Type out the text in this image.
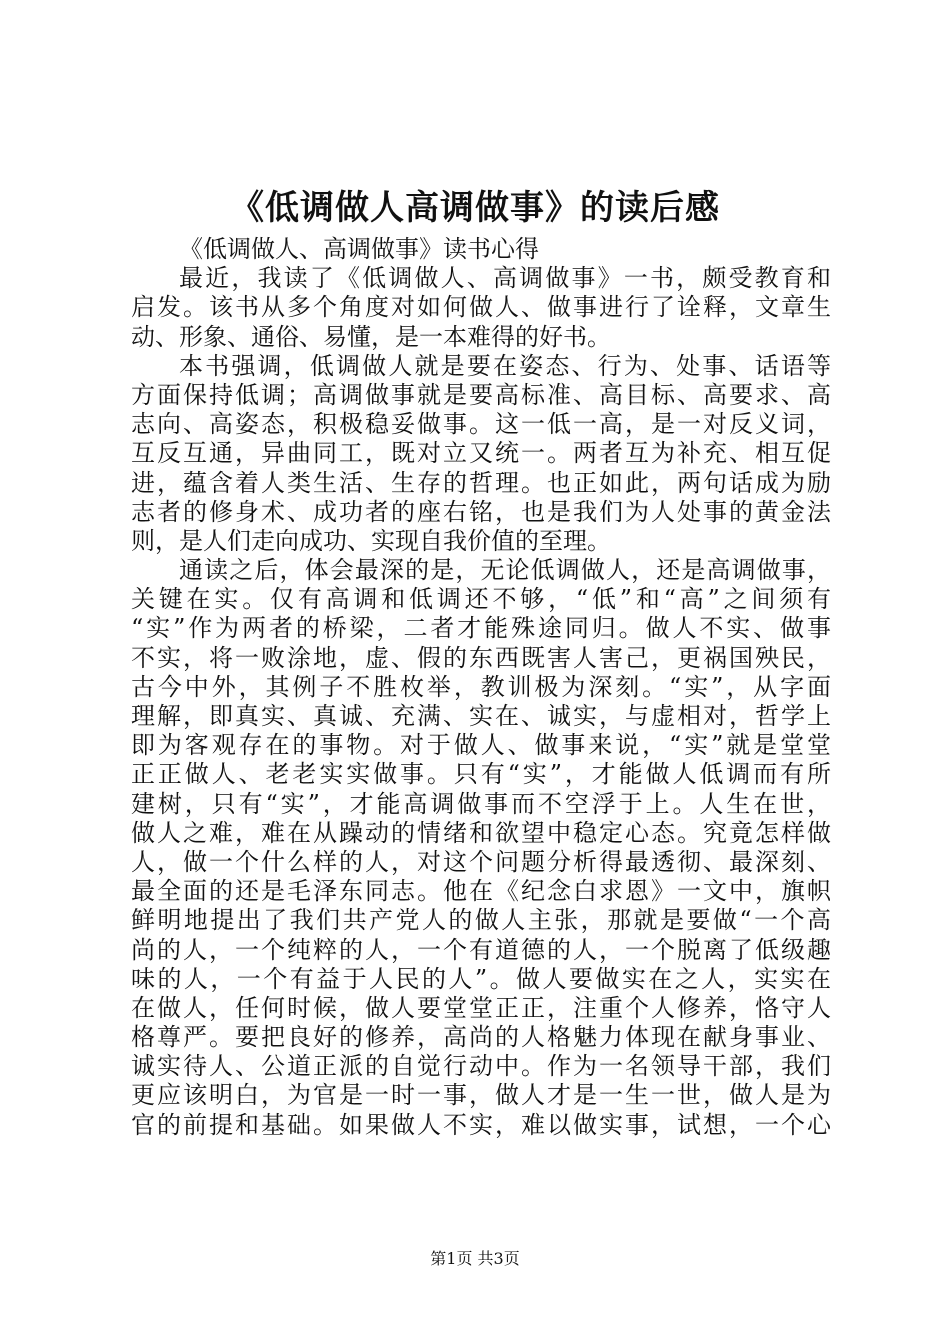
《低调做人高调做事》的读后感
《低调做人、高调做事》读书心得
最近，我读了《低调做人、高调做事》一书，颇受教育和
启发。该书从多个角度对如何做人、做事进行了诠释，文章生
动、形象、通俗、易懂，是一本难得的好书。
本书强调，低调做人就是要在姿态、行为、处事、话语等
方面保持低调；高调做事就是要高标准、高目标、高要求、高
志向、高姿态，积极稳妥做事。这一低一高，是一对反义词，
互反互通，异曲同工，既对立又统一。两者互为补充、相互促
进，蕴含着人类生活、生存的哲理。也正如此，两句话成为励
志者的修身术、成功者的座右铭，也是我们为人处事的黄金法
则，是人们走向成功、实现自我价值的至理。
通读之后，体会最深的是，无论低调做人，还是高调做事，
关键在实。仅有高调和低调还不够，“低”和“高”之间须有
“实”作为两者的桥梁，二者才能殊途同归。做人不实、做事
不实，将一败涂地，虚、假的东西既害人害己，更祸国殃民，
古今中外，其例子不胜枚举，教训极为深刻。“实”，从字面
理解，即真实、真诚、充满、实在、诚实，与虚相对，哲学上
即为客观存在的事物。对于做人、做事来说，“实”就是堂堂
正正做人、老老实实做事。只有“实”，才能做人低调而有所
建树，只有“实”，才能高调做事而不空浮于上。人生在世，
做人之难，难在从躁动的情绪和欲望中稳定心态。究竟怎样做
人，做一个什么样的人，对这个问题分析得最透彻、最深刻、
最全面的还是毛泽东同志。他在《纪念白求恩》一文中，旗帜
鲜明地提出了我们共产党人的做人主张，那就是要做“一个高
尚的人，一个纯粹的人，一个有道德的人，一个脱离了低级趣
味的人，一个有益于人民的人”。做人要做实在之人，实实在
在做人，任何时候，做人要堂堂正正，注重个人修养，恪守人
格尊严。要把良好的修养，高尚的人格魅力体现在献身事业、
诚实待人、公道正派的自觉行动中。作为一名领导干部，我们
更应该明白，为官是一时一事，做人才是一生一世，做人是为
官的前提和基础。如果做人不实，难以做实事，试想，一个心
第1页 共3页
